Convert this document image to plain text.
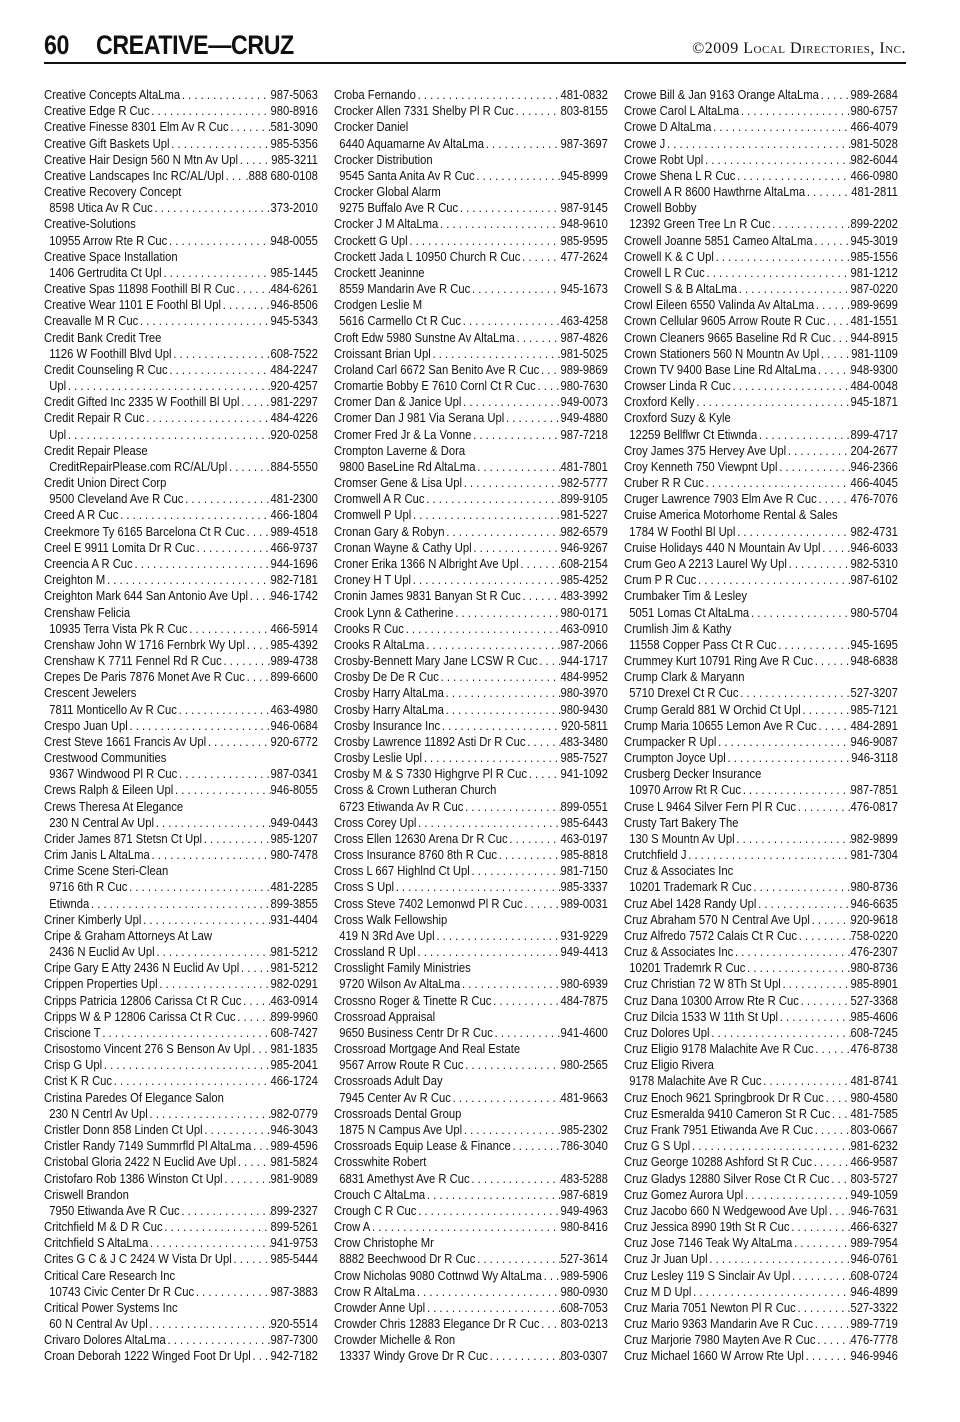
60 CREATIVE—CRUZ	©2009 Local Directories, Inc.
Creative Concepts AltaLma . . .	987-5063
Creative Edge R Cuc . . .	980-8916
Creative Finesse 8301 Elm Av R Cuc . . .	581-3090
Creative Gift Baskets Upl . . .	985-5356
Creative Hair Design 560 N Mtn Av Upl . . .	985-3211
Creative Landscapes Inc RC/AL/Upl . . . .888 680-0108
Creative Recovery Concept
8598 Utica Av R Cuc . . .	373-2010
Creative-Solutions
10955 Arrow Rte R Cuc . . .	948-0055
Creative Space Installation
1406 Gertrudita Ct Upl . . .	985-1445
Creative Spas 11898 Foothill Bl R Cuc . . .	484-6261
Creative Wear 1101 E Foothl Bl Upl . . .	946-8506
Creavalle M R Cuc . . .	945-5343
Credit Bank Credit Tree
1126 W Foothill Blvd Upl . . .	608-7522
Credit Counseling R Cuc . . .	484-2247
Upl . . .	920-4257
Credit Gifted Inc 2335 W Foothill Bl Upl . . . 981-2297
Credit Repair R Cuc . . .	484-4226
Upl . . .	920-0258
Credit Repair Please
CreditRepairPlease.com RC/AL/Upl . . .	884-5550
Credit Union Direct Corp
9500 Cleveland Ave R Cuc . . .	481-2300
Creed A R Cuc . . .	466-1804
Creekmore Ty 6165 Barcelona Ct R Cuc . . . 989-4518
Creel E 9911 Lomita Dr R Cuc . . .	466-9737
Creencia A R Cuc . . .	944-1696
Creighton M . . .	982-7181
Creighton Mark 644 San Antonio Ave Upl . . . 946-1742
Crenshaw Felicia
10935 Terra Vista Pk R Cuc . . .	466-5914
Crenshaw John W 1716 Fernbrk Wy Upl . . . 985-4392
Crenshaw K 7711 Fennel Rd R Cuc . . .	989-4738
Crepes De Paris 7876 Monet Ave R Cuc . . . 899-6600
Crescent Jewelers
7811 Monticello Av R Cuc . . .	463-4980
Crespo Juan Upl . . .	946-0684
Crest Steve 1661 Francis Av Upl . . .	920-6772
Crestwood Communities
9367 Windwood Pl R Cuc . . .	987-0341
Crews Ralph & Eileen Upl . . .	946-8055
Crews Theresa At Elegance
230 N Central Av Upl . . .	949-0443
Crider James 871 Stetsn Ct Upl . . .	985-1207
Crim Janis L AltaLma . . .	980-7478
Crime Scene Steri-Clean
9716 6th R Cuc . . .	481-2285
Etiwnda . . .	899-3855
Criner Kimberly Upl . . .	931-4404
Cripe & Graham Attorneys At Law
2436 N Euclid Av Upl . . .	981-5212
Cripe Gary E Atty 2436 N Euclid Av Upl . . . 981-5212
Crippen Properties Upl . . .	982-0291
Cripps Patricia 12806 Carissa Ct R Cuc . . . 463-0914
Cripps W & P 12806 Carissa Ct R Cuc . . .	899-9960
Criscione T . . .	608-7427
Crisostomo Vincent 276 S Benson Av Upl . . . 981-1835
Crisp G Upl . . .	985-2041
Crist K R Cuc . . .	466-1724
Cristina Paredes Of Elegance Salon
230 N Centrl Av Upl . . .	982-0779
Cristler Donn 858 Linden Ct Upl . . .	946-3043
Cristler Randy 7149 Summrfld Pl AltaLma . . . 989-4596
Cristobal Gloria 2422 N Euclid Ave Upl . . .	981-5824
Cristofaro Rob 1386 Winston Ct Upl . . .	981-9089
Criswell Brandon
7950 Etiwanda Ave R Cuc . . .	899-2327
Critchfield M & D R Cuc . . .	899-5261
Critchfield S AltaLma . . .	941-9753
Crites G C & J C 2424 W Vista Dr Upl . . .	985-5444
Critical Care Research Inc
10743 Civic Center Dr R Cuc . . .	987-3883
Critical Power Systems Inc
60 N Central Av Upl . . .	920-5514
Crivaro Dolores AltaLma . . .	987-7300
Croan Deborah 1222 Winged Foot Dr Upl . . . 942-7182
Croba Fernando . . .	481-0832
Crocker Allen 7331 Shelby Pl R Cuc . . .	803-8155
Crocker Daniel
6440 Aquamarne Av AltaLma . . .	987-3697
Crocker Distribution
9545 Santa Anita Av R Cuc . . .	945-8999
Crocker Global Alarm
9275 Buffalo Ave R Cuc . . .	987-9145
Crocker J M AltaLma . . .	948-9610
Crockett G Upl . . .	985-9595
Crockett Jada L 10950 Church R Cuc . . .	477-2624
Crockett Jeaninne
8559 Mandarin Ave R Cuc . . .	945-1673
Crodgen Leslie M
5616 Carmello Ct R Cuc . . .	463-4258
Croft Edw 5980 Sunstne Av AltaLma . . .	987-4826
Croissant Brian Upl . . .	981-5025
Croland Carl 6672 San Benito Ave R Cuc . . . 989-9869
Cromartie Bobby E 7610 Cornl Ct R Cuc . . . 980-7630
Cromer Dan & Janice Upl . . .	949-0073
Cromer Dan J 981 Via Serana Upl . . .	949-4880
Cromer Fred Jr & La Vonne . . .	987-7218
Crompton Laverne & Dora
9800 BaseLine Rd AltaLma . . .	481-7801
Cromser Gene & Lisa Upl . . .	982-5777
Cromwell A R Cuc . . .	899-9105
Cromwell P Upl . . .	981-5227
Cronan Gary & Robyn . . .	982-6579
Cronan Wayne & Cathy Upl . . .	946-9267
Croner Erika 1366 N Albright Ave Upl . . .	608-2154
Croney H T Upl . . .	985-4252
Cronin James 9831 Banyan St R Cuc . . .	483-3992
Crook Lynn & Catherine . . .	980-0171
Crooks R Cuc . . .	463-0910
Crooks R AltaLma . . .	987-2066
Crosby-Bennett Mary Jane LCSW R Cuc . . . 944-1717
Crosby De De R Cuc . . .	484-9952
Crosby Harry AltaLma . . .	980-3970
Crosby Harry AltaLma . . .	980-9430
Crosby Insurance Inc . . .	920-5811
Crosby Lawrence 11892 Asti Dr R Cuc . . .	483-3480
Crosby Leslie Upl . . .	985-7527
Crosby M & S 7330 Highgrve Pl R Cuc . . .	941-1092
Cross & Crown Lutheran Church
6723 Etiwanda Av R Cuc . . .	899-0551
Cross Corey Upl . . .	985-6443
Cross Ellen 12630 Arena Dr R Cuc . . .	463-0197
Cross Insurance 8760 8th R Cuc . . .	985-8818
Cross L 667 Highlnd Ct Upl . . .	981-7150
Cross S Upl . . .	985-3337
Cross Steve 7402 Lemonwd Pl R Cuc . . .	989-0031
Cross Walk Fellowship
419 N 3Rd Ave Upl . . .	931-9229
Crossland R Upl . . .	949-4413
Crosslight Family Ministries
9720 Wilson Av AltaLma . . .	980-6939
Crossno Roger & Tinette R Cuc . . .	484-7875
Crossroad Appraisal
9650 Business Centr Dr R Cuc . . .	941-4600
Crossroad Mortgage And Real Estate
9567 Arrow Route R Cuc . . .	980-2565
Crossroads Adult Day
7945 Center Av R Cuc . . .	481-9663
Crossroads Dental Group
1875 N Campus Ave Upl . . .	985-2302
Crossroads Equip Lease & Finance . . .	786-3040
Crosswhite Robert
6831 Amethyst Ave R Cuc . . .	483-5288
Crouch C AltaLma . . .	987-6819
Crough C R Cuc . . .	949-4963
Crow A . . .	980-8416
Crow Christophe Mr
8882 Beechwood Dr R Cuc . . .	527-3614
Crow Nicholas 9080 Cottnwd Wy AltaLma . . . 989-5906
Crow R AltaLma . . .	980-0930
Crowder Anne Upl . . .	608-7053
Crowder Chris 12883 Elegance Dr R Cuc . . . 803-0213
Crowder Michelle & Ron
13337 Windy Grove Dr R Cuc . . .	803-0307
Crowe Bill & Jan 9163 Orange AltaLma . . . 989-2684
Crowe Carol L AltaLma . . .	980-6757
Crowe D AltaLma . . .	466-4079
Crowe J . . .	981-5028
Crowe Robt Upl . . .	982-6044
Crowe Shena L R Cuc . . .	466-0980
Crowell A R 8600 Hawthrne AltaLma . . .	481-2811
Crowell Bobby
12392 Green Tree Ln R Cuc . . .	899-2202
Crowell Joanne 5851 Cameo AltaLma . . .	945-3019
Crowell K & C Upl . . .	985-1556
Crowell L R Cuc . . .	981-1212
Crowell S & B AltaLma . . .	987-0220
Crowl Eileen 6550 Valinda Av AltaLma . . .	989-9699
Crown Cellular 9605 Arrow Route R Cuc . . . 481-1551
Crown Cleaners 9665 Baseline Rd R Cuc . . . 944-8915
Crown Stationers 560 N Mountn Av Upl . . .	981-1109
Crown TV 9400 Base Line Rd AltaLma . . .	948-9300
Crowser Linda R Cuc . . .	484-0048
Croxford Kelly . . .	945-1871
Croxford Suzy & Kyle
12259 Bellflwr Ct Etiwnda . . .	899-4717
Croy James 375 Hervey Ave Upl . . .	204-2677
Croy Kenneth 750 Viewpnt Upl . . .	946-2366
Cruber R R Cuc . . .	466-4045
Cruger Lawrence 7903 Elm Ave R Cuc . . .	476-7076
Cruise America Motorhome Rental & Sales
1784 W Foothl Bl Upl . . .	982-4731
Cruise Holidays 440 N Mountain Av Upl . . . 946-6033
Crum Geo A 2213 Laurel Wy Upl . . .	982-5310
Crum P R Cuc . . .	987-6102
Crumbaker Tim & Lesley
5051 Lomas Ct AltaLma . . .	980-5704
Crumlish Jim & Kathy
11558 Copper Pass Ct R Cuc . . .	945-1695
Crummey Kurt 10791 Ring Ave R Cuc . . .	948-6838
Crump Clark & Maryann
5710 Drexel Ct R Cuc . . .	527-3207
Crump Gerald 881 W Orchid Ct Upl . . .	985-7121
Crump Maria 10655 Lemon Ave R Cuc . . .	484-2891
Crumpacker R Upl . . .	946-9087
Crumpton Joyce Upl . . .	946-3118
Crusberg Decker Insurance
10970 Arrow Rt R Cuc . . .	987-7851
Cruse L 9464 Silver Fern Pl R Cuc . . .	476-0817
Crusty Tart Bakery The
130 S Mountn Av Upl . . .	982-9899
Crutchfield J . . .	981-7304
Cruz & Associates Inc
10201 Trademark R Cuc . . .	980-8736
Cruz Abel 1428 Randy Upl . . .	946-6635
Cruz Abraham 570 N Central Ave Upl . . .	920-9618
Cruz Alfredo 7572 Calais Ct R Cuc . . .	758-0220
Cruz & Associates Inc . . .	476-2307
10201 Trademrk R Cuc . . .	980-8736
Cruz Christian 72 W 8Th St Upl . . .	985-8901
Cruz Dana 10300 Arrow Rte R Cuc . . .	527-3368
Cruz Dilcia 1533 W 11th St Upl . . .	985-4606
Cruz Dolores Upl . . .	608-7245
Cruz Eligio 9178 Malachite Ave R Cuc . . .	476-8738
Cruz Eligio Rivera
9178 Malachite Ave R Cuc . . .	481-8741
Cruz Enoch 9621 Springbrook Dr R Cuc . . . 980-4580
Cruz Esmeralda 9410 Cameron St R Cuc . . . 481-7585
Cruz Frank 7951 Etiwanda Ave R Cuc . . .	803-0667
Cruz G S Upl . . .	981-6232
Cruz George 10288 Ashford St R Cuc . . .	466-9587
Cruz Gladys 12880 Silver Rose Ct R Cuc . . . 803-5727
Cruz Gomez Aurora Upl . . .	949-1059
Cruz Jacobo 660 N Wedgewood Ave Upl . . . 946-7631
Cruz Jessica 8990 19th St R Cuc . . .	466-6327
Cruz Jose 7146 Teak Wy AltaLma . . .	989-7954
Cruz Jr Juan Upl . . .	946-0761
Cruz Lesley 119 S Sinclair Av Upl . . .	608-0724
Cruz M D Upl . . .	946-4899
Cruz Maria 7051 Newton Pl R Cuc . . .	527-3322
Cruz Mario 9363 Mandarin Ave R Cuc . . .	989-7719
Cruz Marjorie 7980 Mayten Ave R Cuc . . .	476-7778
Cruz Michael 1660 W Arrow Rte Upl . . .	946-9946
